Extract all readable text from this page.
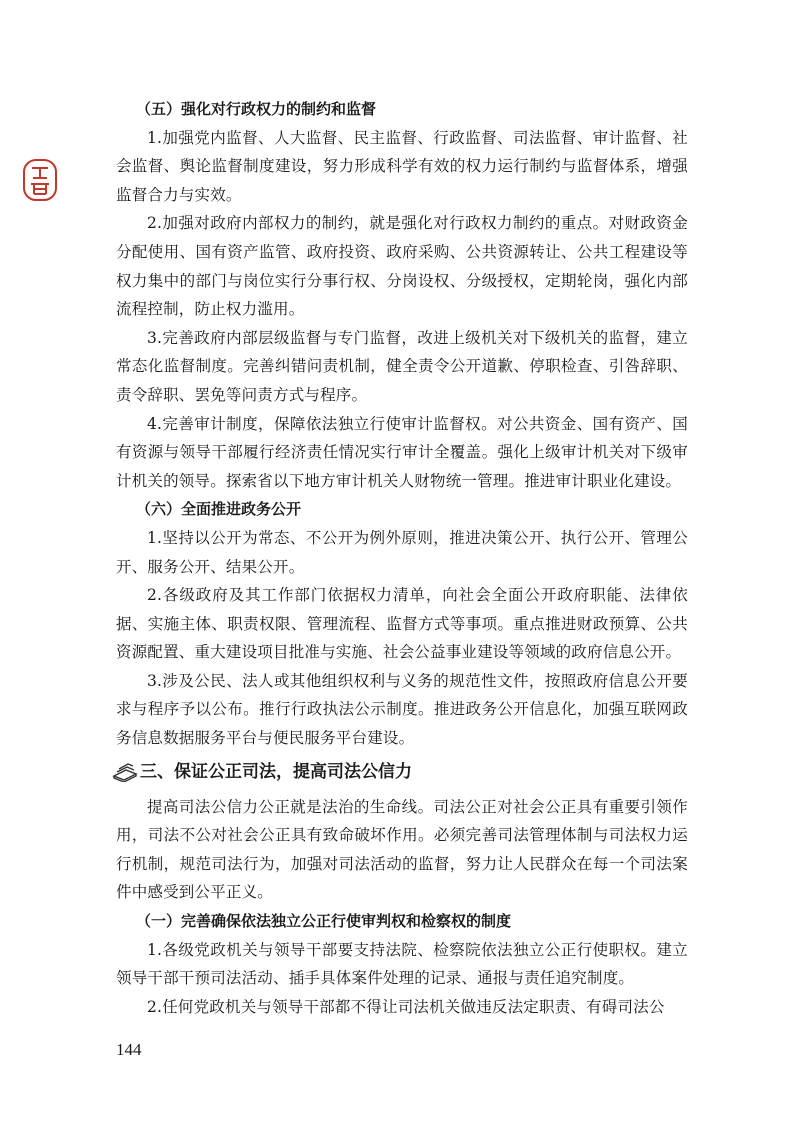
（五）强化对行政权力的制约和监督

1.加强党内监督、人大监督、民主监督、行政监督、司法监督、审计监督、社会监督、舆论监督制度建设，努力形成科学有效的权力运行制约与监督体系，增强监督合力与实效。

2.加强对政府内部权力的制约，就是强化对行政权力制约的重点。对财政资金分配使用、国有资产监管、政府投资、政府采购、公共资源转让、公共工程建设等权力集中的部门与岗位实行分事行权、分岗设权、分级授权，定期轮岗，强化内部流程控制，防止权力滥用。

3.完善政府内部层级监督与专门监督，改进上级机关对下级机关的监督，建立常态化监督制度。完善纠错问责机制，健全责令公开道歉、停职检查、引咎辞职、责令辞职、罢免等问责方式与程序。

4.完善审计制度，保障依法独立行使审计监督权。对公共资金、国有资产、国有资源与领导干部履行经济责任情况实行审计全覆盖。强化上级审计机关对下级审计机关的领导。探索省以下地方审计机关人财物统一管理。推进审计职业化建设。

（六）全面推进政务公开

1.坚持以公开为常态、不公开为例外原则，推进决策公开、执行公开、管理公开、服务公开、结果公开。

2.各级政府及其工作部门依据权力清单，向社会全面公开政府职能、法律依据、实施主体、职责权限、管理流程、监督方式等事项。重点推进财政预算、公共资源配置、重大建设项目批准与实施、社会公益事业建设等领域的政府信息公开。

3.涉及公民、法人或其他组织权利与义务的规范性文件，按照政府信息公开要求与程序予以公布。推行行政执法公示制度。推进政务公开信息化，加强互联网政务信息数据服务平台与便民服务平台建设。

三、保证公正司法，提高司法公信力

提高司法公信力公正就是法治的生命线。司法公正对社会公正具有重要引领作用，司法不公对社会公正具有致命破坏作用。必须完善司法管理体制与司法权力运行机制，规范司法行为，加强对司法活动的监督，努力让人民群众在每一个司法案件中感受到公平正义。

（一）完善确保依法独立公正行使审判权和检察权的制度

1.各级党政机关与领导干部要支持法院、检察院依法独立公正行使职权。建立领导干部干预司法活动、插手具体案件处理的记录、通报与责任追究制度。

2.任何党政机关与领导干部都不得让司法机关做违反法定职责、有碍司法公

144
